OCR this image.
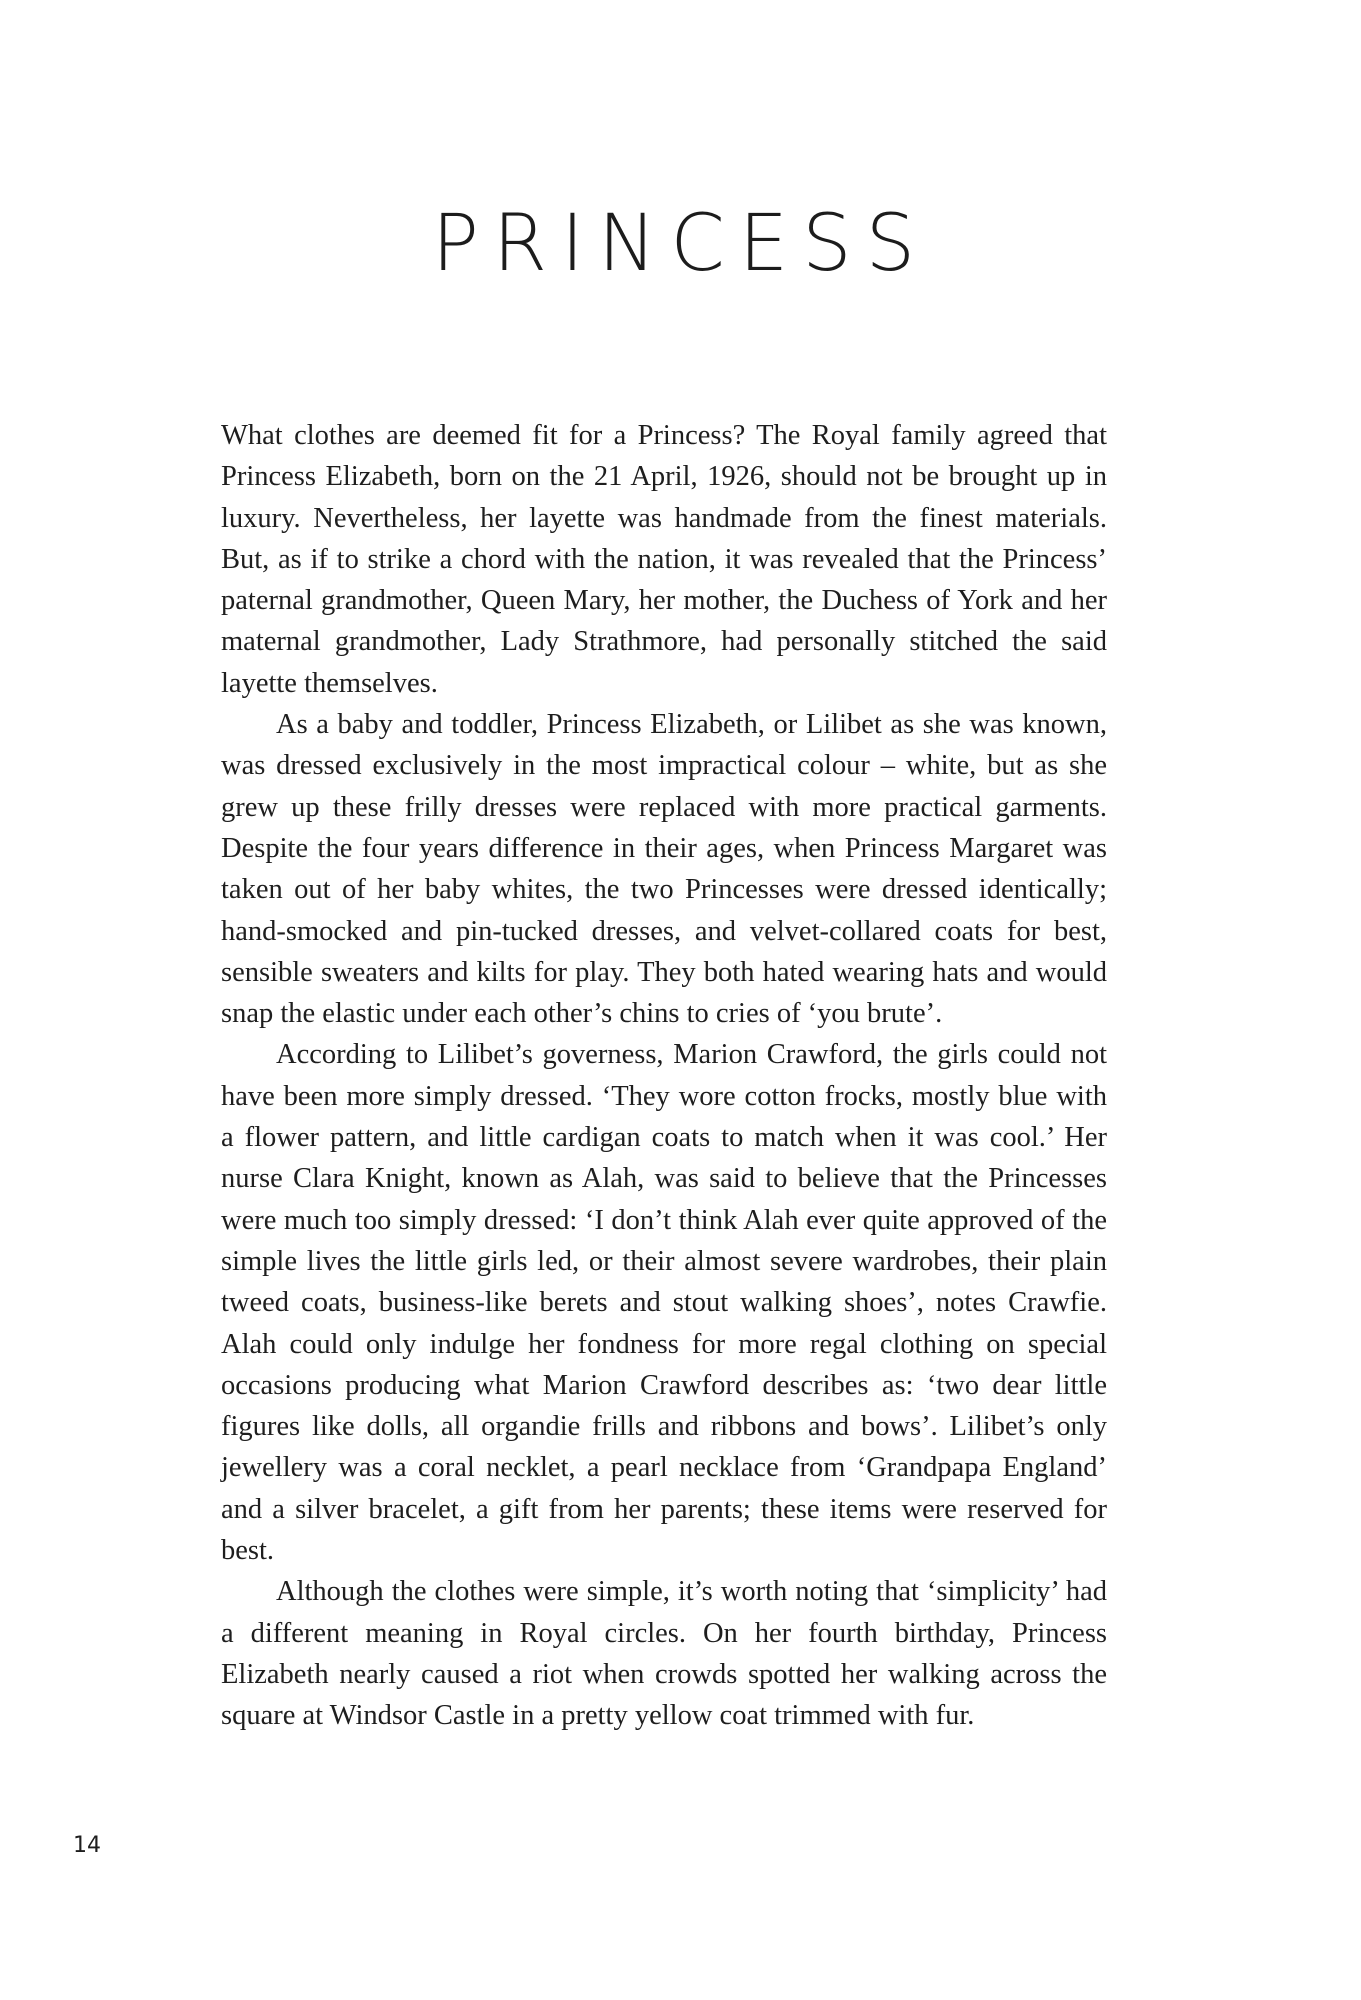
PRINCESS

What clothes are deemed fit for a Princess? The Royal family agreed that Princess Elizabeth, born on the 21 April, 1926, should not be brought up in luxury. Nevertheless, her layette was handmade from the finest materials. But, as if to strike a chord with the nation, it was revealed that the Princess’ paternal grandmother, Queen Mary, her mother, the Duchess of York and her maternal grandmother, Lady Strathmore, had personally stitched the said layette themselves.

As a baby and toddler, Princess Elizabeth, or Lilibet as she was known, was dressed exclusively in the most impractical colour – white, but as she grew up these frilly dresses were replaced with more practical garments. Despite the four years difference in their ages, when Princess Margaret was taken out of her baby whites, the two Princesses were dressed identically; hand-smocked and pin-tucked dresses, and velvet-collared coats for best, sensible sweaters and kilts for play. They both hated wearing hats and would snap the elastic under each other’s chins to cries of ‘you brute’.

According to Lilibet’s governess, Marion Crawford, the girls could not have been more simply dressed. ‘They wore cotton frocks, mostly blue with a flower pattern, and little cardigan coats to match when it was cool.’ Her nurse Clara Knight, known as Alah, was said to believe that the Princesses were much too simply dressed: ‘I don’t think Alah ever quite approved of the simple lives the little girls led, or their almost severe wardrobes, their plain tweed coats, business-like berets and stout walking shoes’, notes Crawfie. Alah could only indulge her fondness for more regal clothing on special occasions producing what Marion Crawford describes as: ‘two dear little figures like dolls, all organdie frills and ribbons and bows’. Lilibet’s only jewellery was a coral necklet, a pearl necklace from ‘Grandpapa England’ and a silver bracelet, a gift from her parents; these items were reserved for best.

Although the clothes were simple, it’s worth noting that ‘simplicity’ had a different meaning in Royal circles. On her fourth birthday, Princess Elizabeth nearly caused a riot when crowds spotted her walking across the square at Windsor Castle in a pretty yellow coat trimmed with fur.

14
